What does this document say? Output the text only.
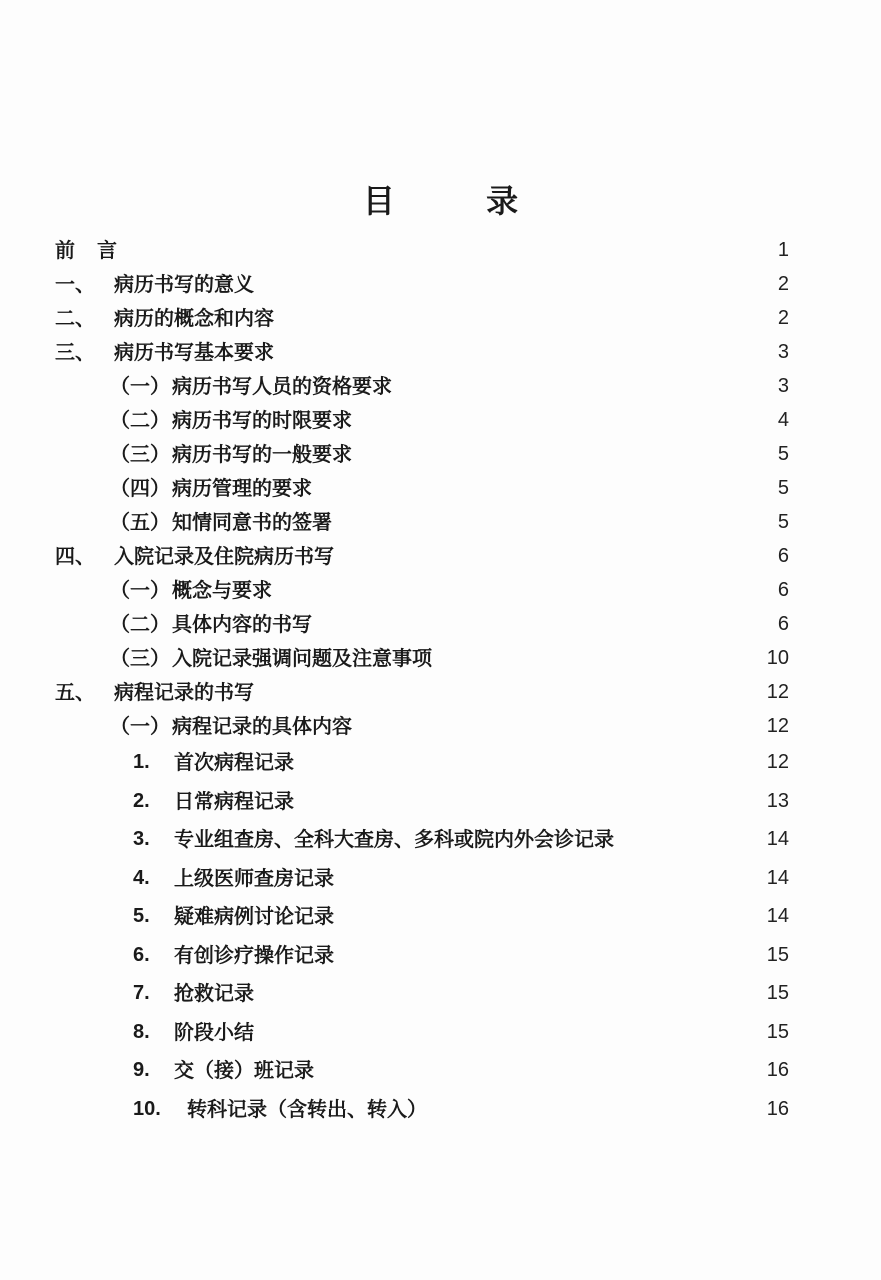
目 录
前言	1
一、 病历书写的意义	2
二、 病历的概念和内容	2
三、 病历书写基本要求	3
（一） 病历书写人员的资格要求	3
（二） 病历书写的时限要求	4
（三） 病历书写的一般要求	5
（四） 病历管理的要求	5
（五） 知情同意书的签署	5
四、 入院记录及住院病历书写	6
（一） 概念与要求	6
（二） 具体内容的书写	6
（三） 入院记录强调问题及注意事项	10
五、 病程记录的书写	12
（一） 病程记录的具体内容	12
1. 首次病程记录	12
2. 日常病程记录	13
3. 专业组查房、全科大查房、多科或院内外会诊记录	14
4. 上级医师查房记录	14
5. 疑难病例讨论记录	14
6. 有创诊疗操作记录	15
7. 抢救记录	15
8. 阶段小结	15
9. 交（接）班记录	16
10. 转科记录（含转出、转入）	16
